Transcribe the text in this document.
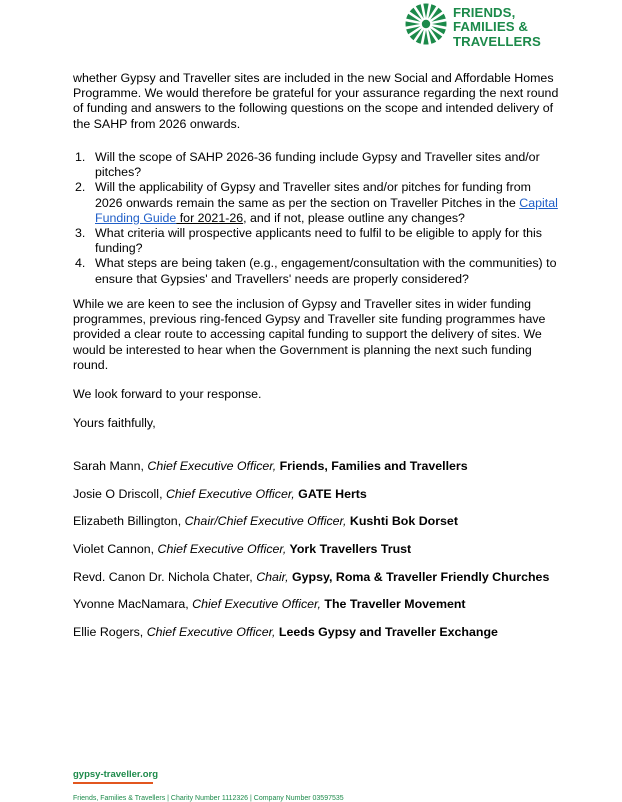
FRIENDS,
FAMILIES &
TRAVELLERS
whether Gypsy and Traveller sites are included in the new Social and Affordable Homes
Programme. We would therefore be grateful for your assurance regarding the next round
of funding and answers to the following questions on the scope and intended delivery of
the SAHP from 2026 onwards.
1. Will the scope of SAHP 2026-36 funding include Gypsy and Traveller sites and/or
pitches?
2. Will the applicability of Gypsy and Traveller sites and/or pitches for funding from
2026 onwards remain the same as per the section on Traveller Pitches in the Capital
Funding Guide for 2021-26, and if not, please outline any changes?
3. What criteria will prospective applicants need to fulfil to be eligible to apply for this
funding?
4. What steps are being taken (e.g., engagement/consultation with the communities) to
ensure that Gypsies' and Travellers' needs are properly considered?
While we are keen to see the inclusion of Gypsy and Traveller sites in wider funding
programmes, previous ring-fenced Gypsy and Traveller site funding programmes have
provided a clear route to accessing capital funding to support the delivery of sites. We
would be interested to hear when the Government is planning the next such funding
round.
We look forward to your response.
Yours faithfully,
Sarah Mann, Chief Executive Officer, Friends, Families and Travellers
Josie O Driscoll, Chief Executive Officer, GATE Herts
Elizabeth Billington, Chair/Chief Executive Officer, Kushti Bok Dorset
Violet Cannon, Chief Executive Officer, York Travellers Trust
Revd. Canon Dr. Nichola Chater, Chair, Gypsy, Roma & Traveller Friendly Churches
Yvonne MacNamara, Chief Executive Officer, The Traveller Movement
Ellie Rogers, Chief Executive Officer, Leeds Gypsy and Traveller Exchange
gypsy-traveller.org
Friends, Families & Travellers | Charity Number 1112326 | Company Number 03597535
